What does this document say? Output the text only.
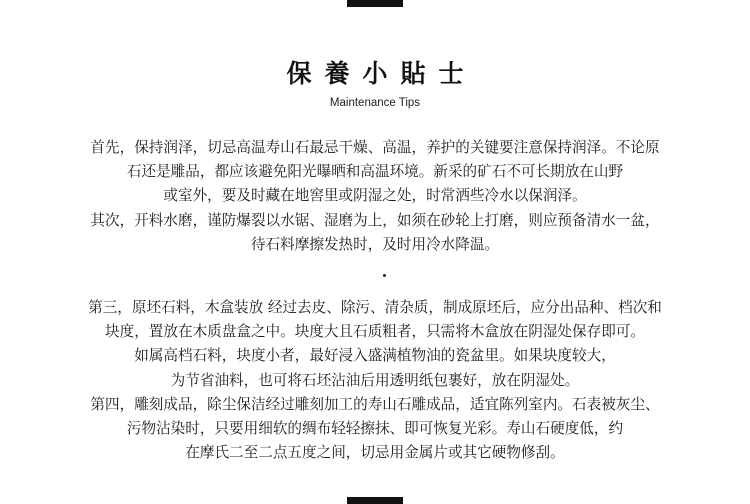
保養小貼士
Maintenance Tips
首先，保持润泽，切忌高温寿山石最忌干燥、高温，养护的关键要注意保持润泽。不论原
石还是雕品，都应该避免阳光曝晒和高温环境。新采的矿石不可长期放在山野
或室外，要及时藏在地窖里或阴湿之处，时常洒些冷水以保润泽。
其次，开料水磨，谨防爆裂以水锯、湿磨为上，如须在砂轮上打磨，则应预备清水一盆，
待石料摩擦发热时，及时用冷水降温。
第三，原坯石料，木盒装放 经过去皮、除污、清杂质，制成原坯后，应分出品种、档次和
块度，置放在木质盘盒之中。块度大且石质粗者，只需将木盒放在阴湿处保存即可。
如属高档石料，块度小者，最好浸入盛满植物油的瓷盆里。如果块度较大，
为节省油料，也可将石坯沾油后用透明纸包裹好，放在阴湿处。
第四，雕刻成品，除尘保洁经过雕刻加工的寿山石雕成品，适宜陈列室内。石表被灰尘、
污物沾染时，只要用细软的绸布轻轻擦抹、即可恢复光彩。寿山石硬度低，约
在摩氏二至二点五度之间，切忌用金属片或其它硬物修刮。
